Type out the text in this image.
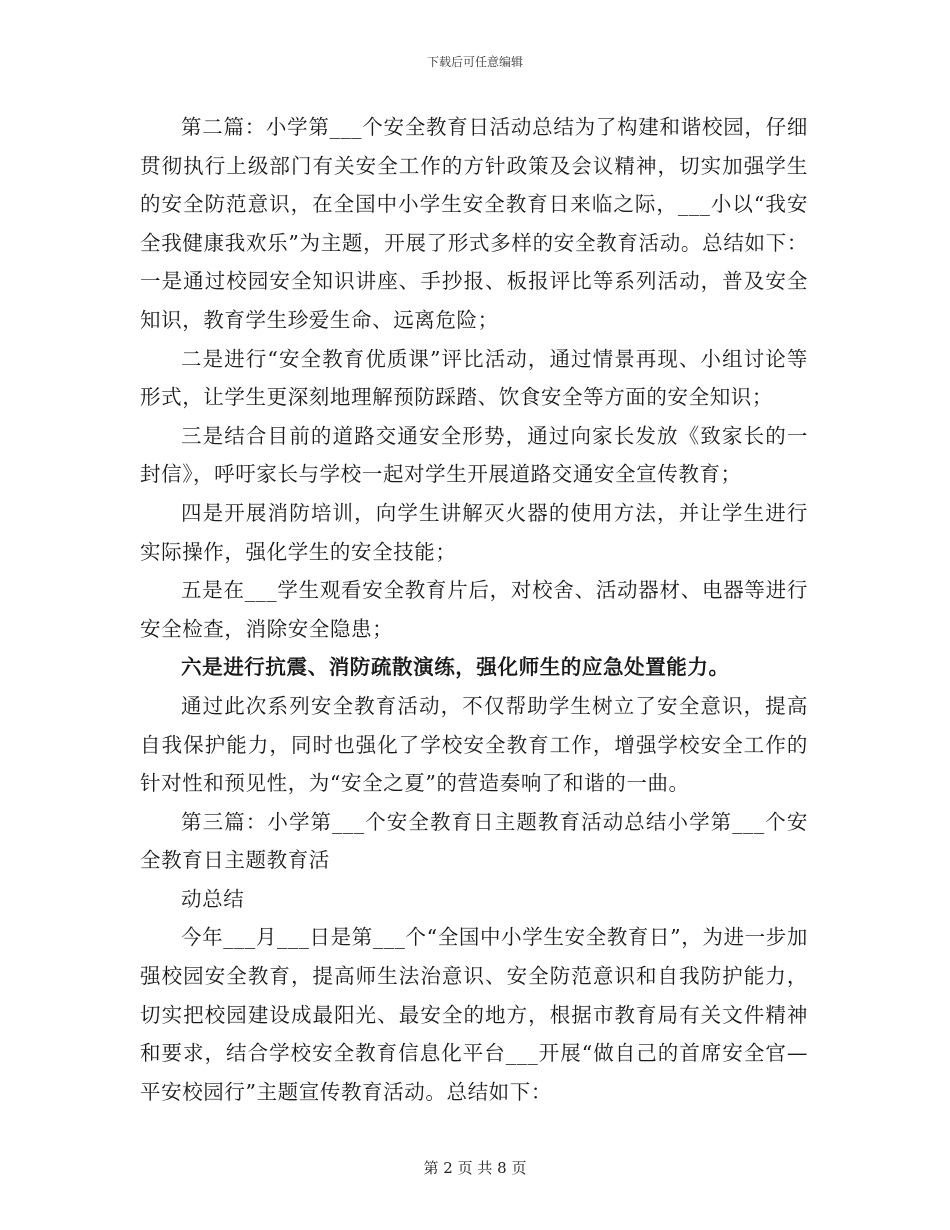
下载后可任意编辑

第二篇：小学第___个安全教育日活动总结为了构建和谐校园，仔细贯彻执行上级部门有关安全工作的方针政策及会议精神，切实加强学生的安全防范意识，在全国中小学生安全教育日来临之际，___小以“我安全我健康我欢乐”为主题，开展了形式多样的安全教育活动。总结如下：一是通过校园安全知识讲座、手抄报、板报评比等系列活动，普及安全知识，教育学生珍爱生命、远离危险；

二是进行“安全教育优质课”评比活动，通过情景再现、小组讨论等形式，让学生更深刻地理解预防踩踏、饮食安全等方面的安全知识；

三是结合目前的道路交通安全形势，通过向家长发放《致家长的一封信》，呼吁家长与学校一起对学生开展道路交通安全宣传教育；

四是开展消防培训，向学生讲解灭火器的使用方法，并让学生进行实际操作，强化学生的安全技能；

五是在___学生观看安全教育片后，对校舍、活动器材、电器等进行安全检查，消除安全隐患；

六是进行抗震、消防疏散演练，强化师生的应急处置能力。

通过此次系列安全教育活动，不仅帮助学生树立了安全意识，提高自我保护能力，同时也强化了学校安全教育工作，增强学校安全工作的针对性和预见性，为“安全之夏”的营造奏响了和谐的一曲。

第三篇：小学第___个安全教育日主题教育活动总结小学第___个安全教育日主题教育活

动总结

今年___月___日是第___个“全国中小学生安全教育日”，为进一步加强校园安全教育，提高师生法治意识、安全防范意识和自我防护能力，切实把校园建设成最阳光、最安全的地方，根据市教育局有关文件精神和要求，结合学校安全教育信息化平台___开展“做自己的首席安全官—平安校园行”主题宣传教育活动。总结如下：

第 2 页 共 8 页
